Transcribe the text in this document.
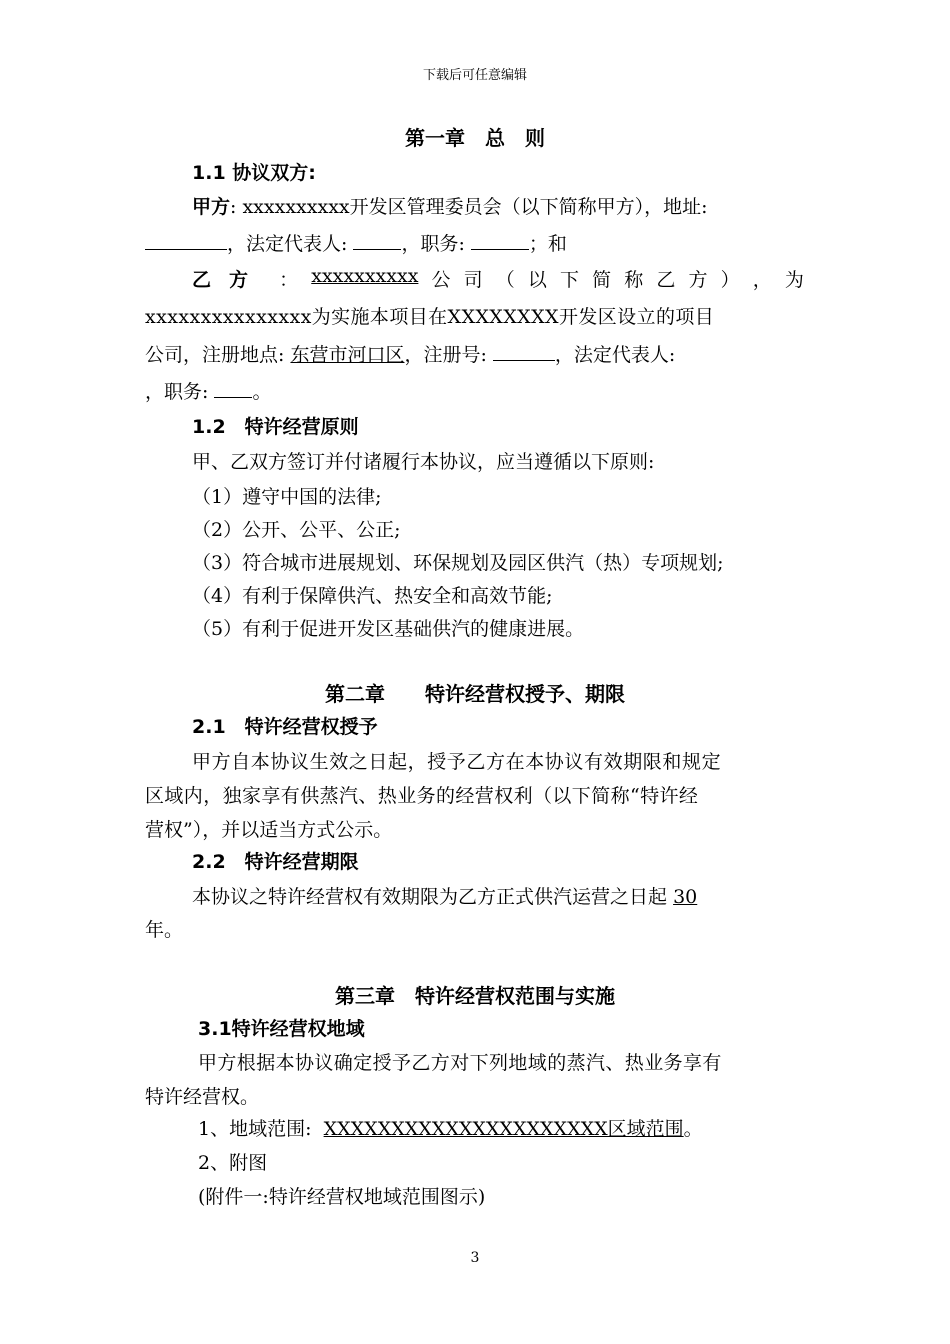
下载后可任意编辑
第一章　总　则
1.1 协议双方:
甲方: xxxxxxxxxx开发区管理委员会（以下简称甲方），地址:
，法定代表人:	，职务:	；和
乙方 ： xxxxxxxxxx 公 司 （ 以 下 简 称 乙 方 ） ， 为
xxxxxxxxxxxxxxx为实施本项目在XXXXXXXX开发区设立的项目
公司，注册地点: 东营市河口区，注册号:	，法定代表人:
，职务: 。
1.2　特许经营原则
甲、乙双方签订并付诸履行本协议，应当遵循以下原则:
（1）遵守中国的法律;
（2）公开、公平、公正;
（3）符合城市进展规划、环保规划及园区供汽（热）专项规划;
（4）有利于保障供汽、热安全和高效节能;
（5）有利于促进开发区基础供汽的健康进展。
第二章　　特许经营权授予、期限
2.1　特许经营权授予
甲方自本协议生效之日起，授予乙方在本协议有效期限和规定
区域内，独家享有供蒸汽、热业务的经营权利（以下简称“特许经
营权”），并以适当方式公示。
2.2　特许经营期限
本协议之特许经营权有效期限为乙方正式供汽运营之日起 30
年。
第三章　特许经营权范围与实施
3.1特许经营权地域
甲方根据本协议确定授予乙方对下列地域的蒸汽、热业务享有
特许经营权。
1、地域范围: XXXXXXXXXXXXXXXXXXXXX区域范围。
2、附图
(附件一:特许经营权地域范围图示)
3
